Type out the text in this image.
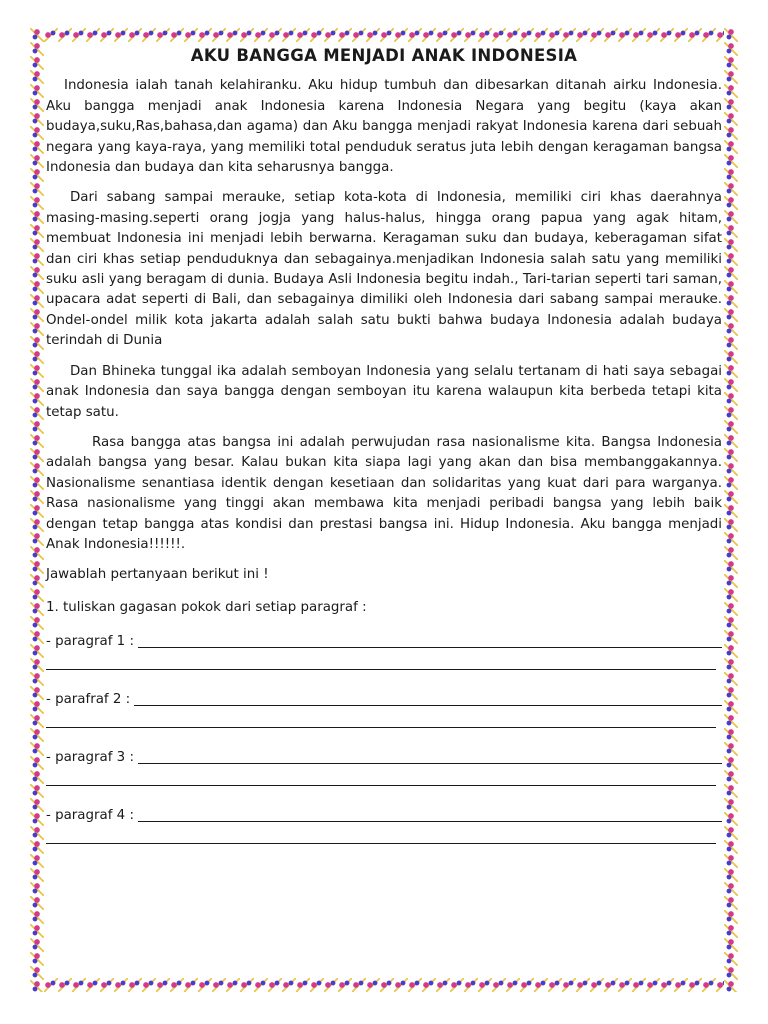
AKU BANGGA MENJADI ANAK INDONESIA

Indonesia ialah tanah kelahiranku. Aku hidup tumbuh dan dibesarkan ditanah airku Indonesia. Aku bangga menjadi anak Indonesia karena Indonesia Negara yang begitu (kaya akan budaya,suku,Ras,bahasa,dan agama) dan Aku bangga menjadi rakyat Indonesia karena dari sebuah negara yang kaya-raya, yang memiliki total penduduk seratus juta lebih dengan keragaman bangsa Indonesia dan budaya dan kita seharusnya bangga.

Dari sabang sampai merauke, setiap kota-kota di Indonesia, memiliki ciri khas daerahnya masing-masing.seperti orang jogja yang halus-halus, hingga orang papua yang agak hitam, membuat Indonesia ini menjadi lebih berwarna. Keragaman suku dan budaya, keberagaman sifat dan ciri khas setiap penduduknya dan sebagainya.menjadikan Indonesia salah satu yang memiliki suku asli yang beragam di dunia. Budaya Asli Indonesia begitu indah., Tari-tarian seperti tari saman, upacara adat seperti di Bali, dan sebagainya dimiliki oleh Indonesia dari sabang sampai merauke. Ondel-ondel milik kota jakarta adalah salah satu bukti bahwa budaya Indonesia adalah budaya terindah di Dunia

Dan Bhineka tunggal ika adalah semboyan Indonesia yang selalu tertanam di hati saya sebagai anak Indonesia dan saya bangga dengan semboyan itu karena walaupun kita berbeda tetapi kita tetap satu.

Rasa bangga atas bangsa ini adalah perwujudan rasa nasionalisme kita. Bangsa Indonesia adalah bangsa yang besar. Kalau bukan kita siapa lagi yang akan dan bisa membanggakannya. Nasionalisme senantiasa identik dengan kesetiaan dan solidaritas yang kuat dari para warganya. Rasa nasionalisme yang tinggi akan membawa kita menjadi peribadi bangsa yang lebih baik dengan tetap bangga atas kondisi dan prestasi bangsa ini. Hidup Indonesia. Aku bangga menjadi Anak Indonesia!!!!!!.

Jawablah pertanyaan berikut ini !
1. tuliskan gagasan pokok dari setiap paragraf :
- paragraf 1 :
- parafraf 2 :
- paragraf 3 :
- paragraf 4 :
